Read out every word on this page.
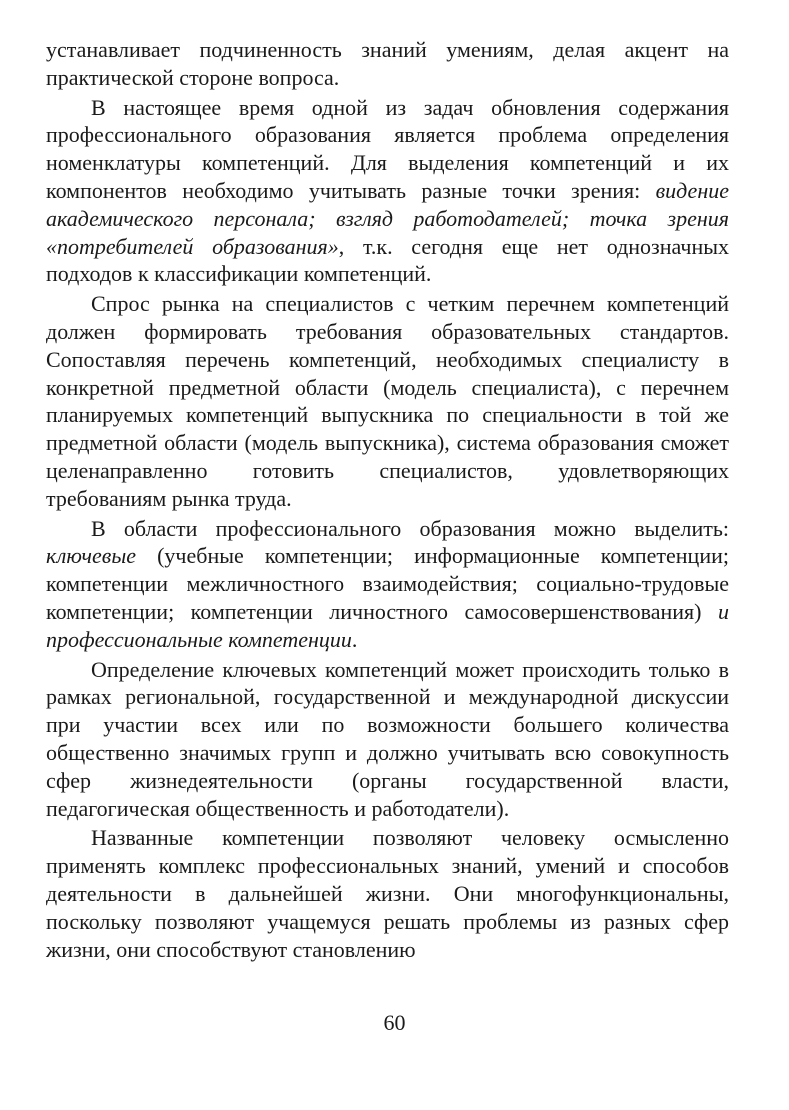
устанавливает подчиненность знаний умениям, делая акцент на практической стороне вопроса.

В настоящее время одной из задач обновления содержания профессионального образования является проблема определения номенклатуры компетенций. Для выделения компетенций и их компонентов необходимо учитывать разные точки зрения: видение академического персонала; взгляд работодателей; точка зрения «потребителей образования», т.к. сегодня еще нет однозначных подходов к классификации компетенций.

Спрос рынка на специалистов с четким перечнем компетенций должен формировать требования образовательных стандартов. Сопоставляя перечень компетенций, необходимых специалисту в конкретной предметной области (модель специалиста), с перечнем планируемых компетенций выпускника по специальности в той же предметной области (модель выпускника), система образования сможет целенаправленно готовить специалистов, удовлетворяющих требованиям рынка труда.

В области профессионального образования можно выделить: ключевые (учебные компетенции; информационные компетенции; компетенции межличностного взаимодействия; социально-трудовые компетенции; компетенции личностного самосовершенствования) и профессиональные компетенции.

Определение ключевых компетенций может происходить только в рамках региональной, государственной и международной дискуссии при участии всех или по возможности большего количества общественно значимых групп и должно учитывать всю совокупность сфер жизнедеятельности (органы государственной власти, педагогическая общественность и работодатели).

Названные компетенции позволяют человеку осмысленно применять комплекс профессиональных знаний, умений и способов деятельности в дальнейшей жизни. Они многофункциональны, поскольку позволяют учащемуся решать проблемы из разных сфер жизни, они способствуют становлению

60
